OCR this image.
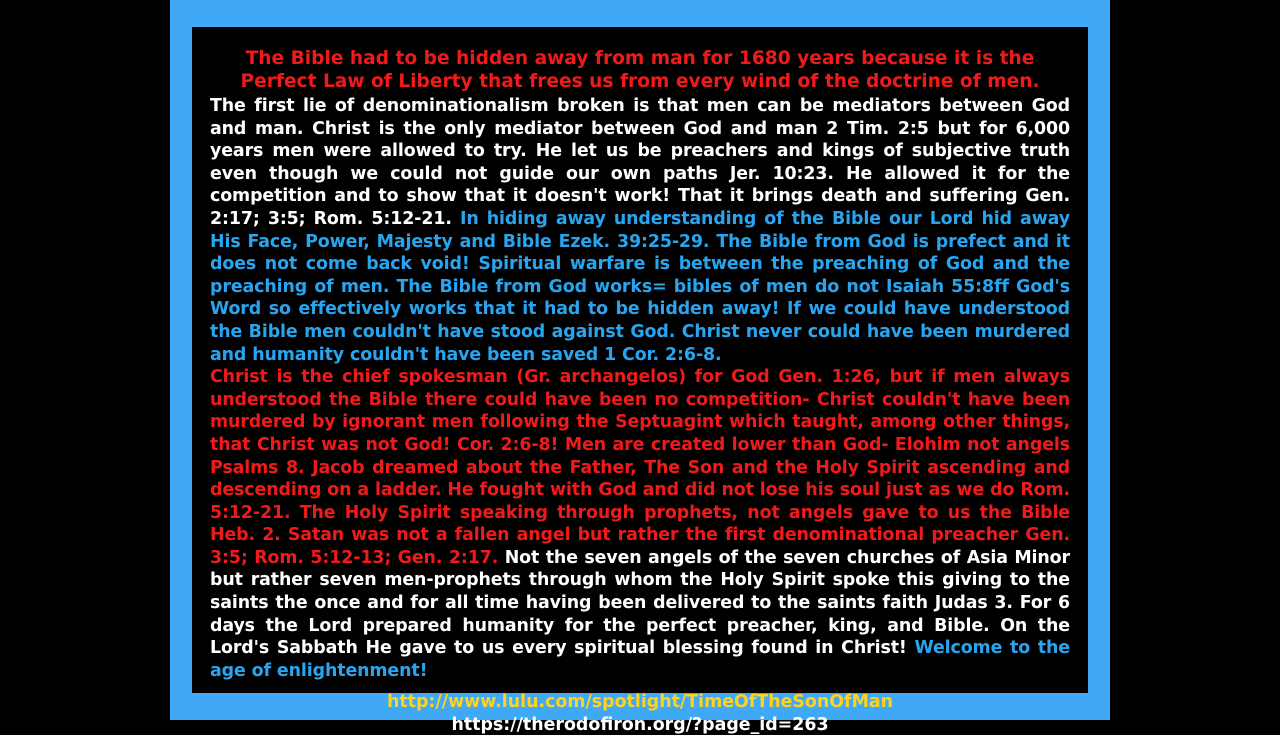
The Bible had to be hidden away from man for 1680 years because it is the Perfect Law of Liberty that frees us from every wind of the doctrine of men.

The first lie of denominationalism broken is that men can be mediators between God and man. Christ is the only mediator between God and man 2 Tim. 2:5 but for 6,000 years men were allowed to try. He let us be preachers and kings of subjective truth even though we could not guide our own paths Jer. 10:23. He allowed it for the competition and to show that it doesn't work! That it brings death and suffering Gen. 2:17; 3:5; Rom. 5:12-21. In hiding away understanding of the Bible our Lord hid away His Face, Power, Majesty and Bible Ezek. 39:25-29. The Bible from God is prefect and it does not come back void! Spiritual warfare is between the preaching of God and the preaching of men. The Bible from God works= bibles of men do not Isaiah 55:8ff God's Word so effectively works that it had to be hidden away! If we could have understood the Bible men couldn't have stood against God. Christ never could have been murdered and humanity couldn't have been saved 1 Cor. 2:6-8.

Christ is the chief spokesman (Gr. archangelos) for God Gen. 1:26, but if men always understood the Bible there could have been no competition- Christ couldn't have been murdered by ignorant men following the Septuagint which taught, among other things, that Christ was not God! Cor. 2:6-8! Men are created lower than God- Elohim not angels Psalms 8. Jacob dreamed about the Father, The Son and the Holy Spirit ascending and descending on a ladder. He fought with God and did not lose his soul just as we do Rom. 5:12-21. The Holy Spirit speaking through prophets, not angels gave to us the Bible Heb. 2. Satan was not a fallen angel but rather the first denominational preacher Gen. 3:5; Rom. 5:12-13; Gen. 2:17. Not the seven angels of the seven churches of Asia Minor but rather seven men-prophets through whom the Holy Spirit spoke this giving to the saints the once and for all time having been delivered to the saints faith Judas 3. For 6 days the Lord prepared humanity for the perfect preacher, king, and Bible. On the Lord's Sabbath He gave to us every spiritual blessing found in Christ! Welcome to the age of enlightenment!

http://www.lulu.com/spotlight/TimeOfTheSonOfMan
https://therodofiron.org/?page_id=263
